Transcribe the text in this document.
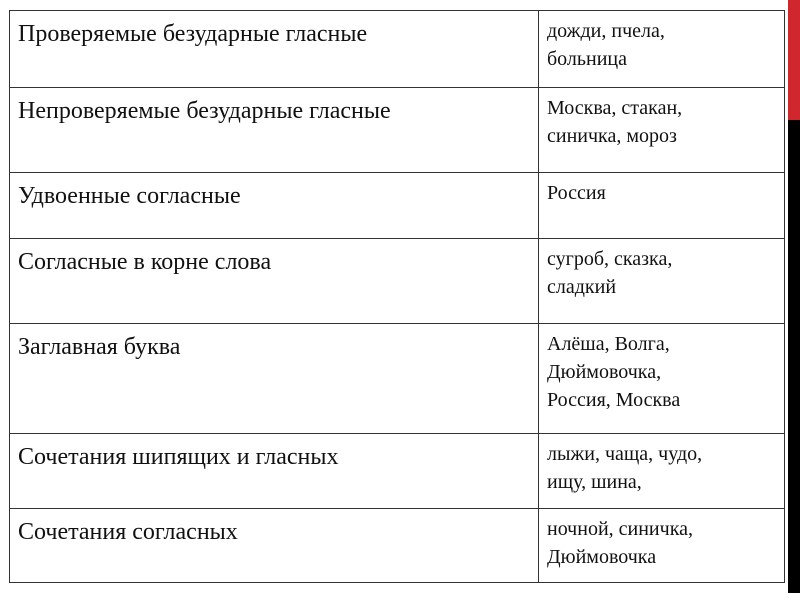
Проверяемые безударные гласные	дожди, пчела,
больница

Непроверяемые безударные гласные	Москва, стакан,
синичка, мороз

Удвоенные согласные	Россия

Согласные в корне слова	сугроб, сказка,
сладкий

Заглавная буква	Алёша, Волга,
Дюймовочка,
Россия, Москва

Сочетания шипящих и гласных	лыжи, чаща, чудо,
ищу, шина,

Сочетания согласных	ночной, синичка,
Дюймовочка
